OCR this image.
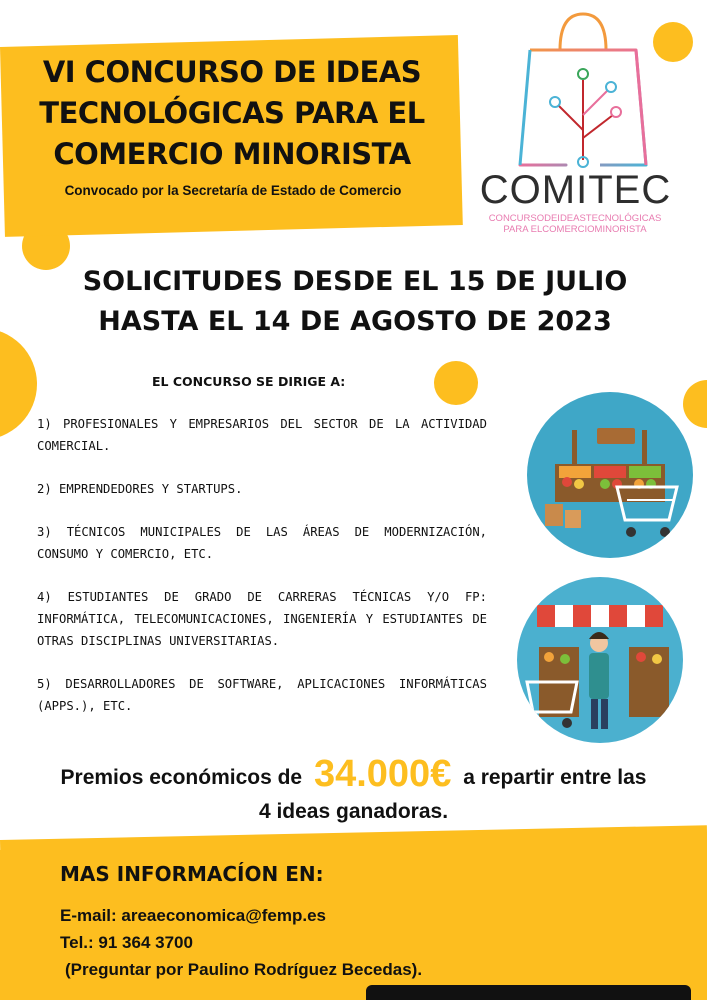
VI CONCURSO DE IDEAS
TECNOLÓGICAS PARA EL
COMERCIO MINORISTA
Convocado por la Secretaría de Estado de Comercio	COMITEC
CONCURSODEIDEASTECNOLÓGICAS
PARA ELCOMERCIOMINORISTA
SOLICITUDES DESDE EL 15 DE JULIO
HASTA EL 14 DE AGOSTO DE 2023
EL CONCURSO SE DIRIGE A:
1) PROFESIONALES Y EMPRESARIOS DEL SECTOR DE LA ACTIVIDAD COMERCIAL.
2) EMPRENDEDORES Y STARTUPS.
3) TÉCNICOS MUNICIPALES DE LAS ÁREAS DE MODERNIZACIÓN, CONSUMO Y COMERCIO, ETC.
4) ESTUDIANTES DE GRADO DE CARRERAS TÉCNICAS Y/O FP: INFORMÁTICA, TELECOMUNICACIONES, INGENIERÍA Y ESTUDIANTES DE OTRAS DISCIPLINAS UNIVERSITARIAS.
5) DESARROLLADORES DE SOFTWARE, APLICACIONES INFORMÁTICAS (APPS.), ETC.
Premios económicos de 34.000€ a repartir entre las
4 ideas ganadoras.
MAS INFORMACÍON EN:
E-mail: areaeconomica@femp.es
Tel.: 91 364 3700
(Preguntar por Paulino Rodríguez Becedas).
